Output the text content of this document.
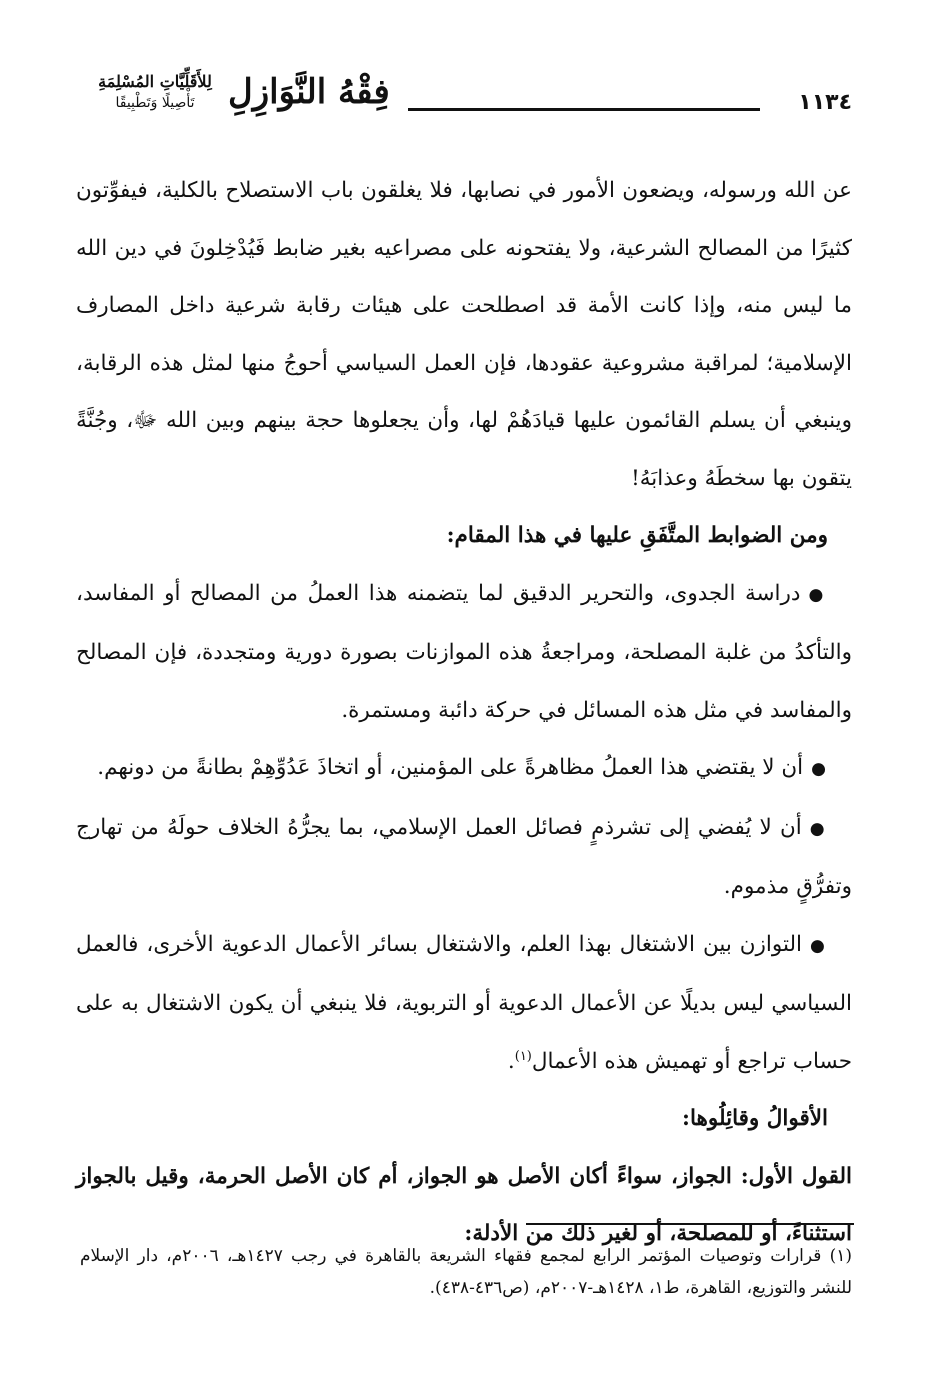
لِلأَقَلِّيَّاتِ المُسْلِمَةِ
تَأْصِيلًا وَتَطْبِيقًا فِقْهُ النَّوَازِلِ	١١٣٤

عن الله ورسوله، ويضعون الأمور في نصابها، فلا يغلقون باب الاستصلاح بالكلية، فيفوِّتون كثيرًا من المصالح الشرعية، ولا يفتحونه على مصراعيه بغير ضابط فَيُدْخِلونَ في دين الله ما ليس منه، وإذا كانت الأمة قد اصطلحت على هيئات رقابة شرعية داخل المصارف الإسلامية؛ لمراقبة مشروعية عقودها، فإن العمل السياسي أحوجُ منها لمثل هذه الرقابة، وينبغي أن يسلم القائمون عليها قيادَهُمْ لها، وأن يجعلوها حجة بينهم وبين الله ﷻ، وجُنَّةً يتقون بها سخطَهُ وعذابَهُ!

ومن الضوابط المتَّفَقِ عليها في هذا المقام:

●دراسة الجدوى، والتحرير الدقيق لما يتضمنه هذا العملُ من المصالح أو المفاسد، والتأكدُ من غلبة المصلحة، ومراجعةُ هذه الموازنات بصورة دورية ومتجددة، فإن المصالح والمفاسد في مثل هذه المسائل في حركة دائبة ومستمرة.

●أن لا يقتضي هذا العملُ مظاهرةً على المؤمنين، أو اتخاذَ عَدُوِّهِمْ بطانةً من دونهم.

●أن لا يُفضي إلى تشرذمٍ فصائل العمل الإسلامي، بما يجرُّهُ الخلاف حولَهُ من تهارج وتفرُّقٍ مذموم.

●التوازن بين الاشتغال بهذا العلم، والاشتغال بسائر الأعمال الدعوية الأخرى، فالعمل السياسي ليس بديلًا عن الأعمال الدعوية أو التربوية، فلا ينبغي أن يكون الاشتغال به على حساب تراجع أو تهميش هذه الأعمال$^{(١)}$.

الأقوالُ وقائِلُوها:

القول الأول: الجواز، سواءً أكان الأصل هو الجواز، أم كان الأصل الحرمة، وقيل بالجواز استثناءً، أو للمصلحة، أو لغير ذلك من الأدلة:

(١) قرارات وتوصيات المؤتمر الرابع لمجمع فقهاء الشريعة بالقاهرة في رجب ١٤٢٧هـ، ٢٠٠٦م، دار الإسلام للنشر والتوزيع، القاهرة، ط١، ١٤٢٨هـ-٢٠٠٧م، (ص٤٣٦-٤٣٨).
